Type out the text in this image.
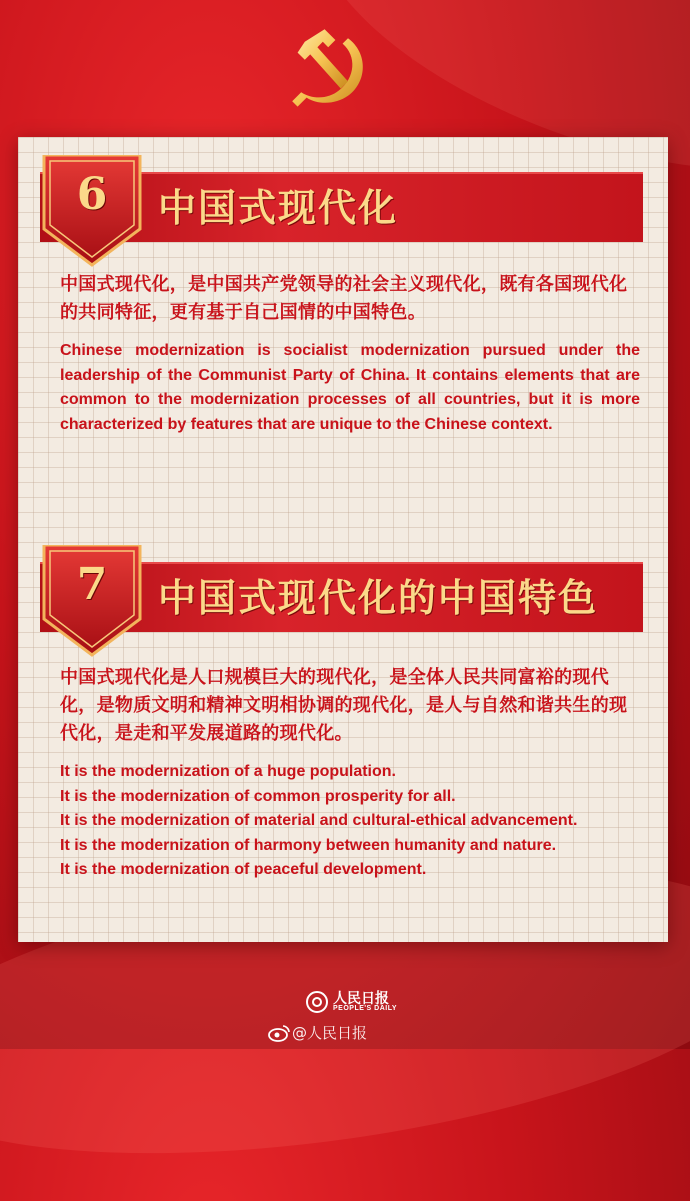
中国式现代化
6
中国式现代化，是中国共产党领导的社会主义现代化，既有各国现代化的共同特征，更有基于自己国情的中国特色。
Chinese modernization is socialist modernization pursued under the leadership of the Communist Party of China. It contains elements that are common to the modernization processes of all countries, but it is more characterized by features that are unique to the Chinese context.
中国式现代化的中国特色
7
中国式现代化是人口规模巨大的现代化，是全体人民共同富裕的现代化，是物质文明和精神文明相协调的现代化，是人与自然和谐共生的现代化，是走和平发展道路的现代化。
It is the modernization of a huge population.
It is the modernization of common prosperity for all.
It is the modernization of material and cultural-ethical advancement.
It is the modernization of harmony between humanity and nature.
It is the modernization of peaceful development.
人民日报
PEOPLE'S DAILY
@人民日报
